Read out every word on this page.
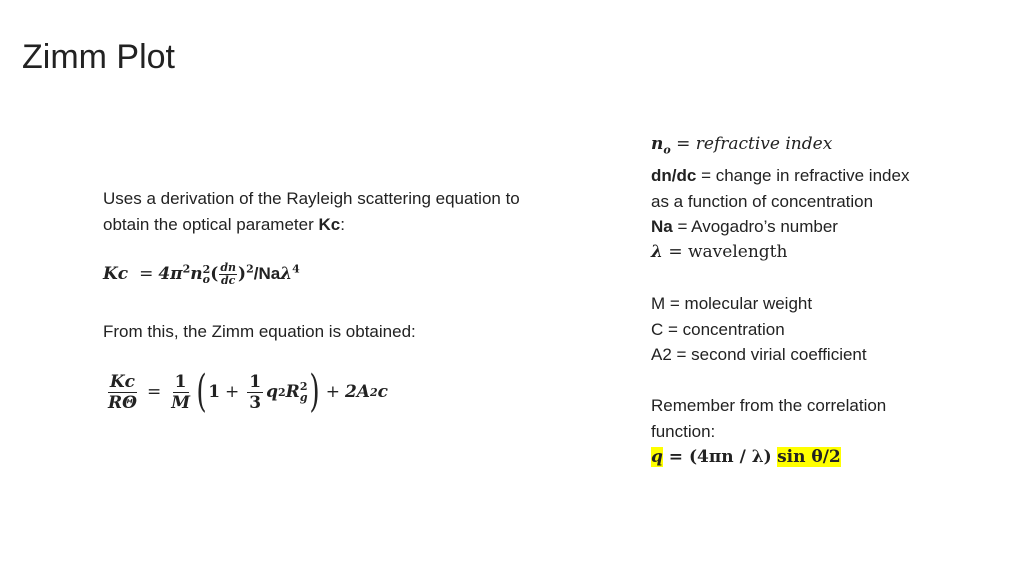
Zimm Plot

Uses a derivation of the Rayleigh scattering equation to obtain the optical parameter Kc:

$Kc = 4\pi^2n$ 2
o ( $\frac{dn}{dc} )^2/Na\lambda^4$
From this, the Zimm equation is obtained:
$\frac{Kc}{R\Theta} = \frac{1}{M}$ ( $1 + \frac{1}{3}$ q 2 R 2
g ) + 2A 2 c
$n_o$ = refractive index
dn/dc = change in refractive index as a function of concentration
Na = Avogadro’s number
λ = wavelength
M = molecular weight
C = concentration
A2 = second virial coefficient
Remember from the correlation function:
q = (4πn / λ) sin θ/2
